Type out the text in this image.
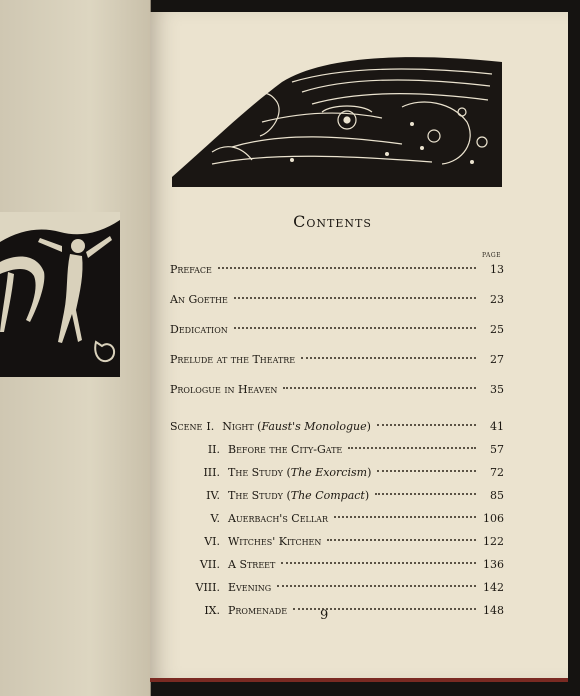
Contents
PAGE
Preface	13
An Goethe	23
Dedication	25
Prelude at the Theatre	27
Prologue in Heaven	35
Scene I. Night (Faust's Monologue)	41
II. Before the City-Gate	57
III. The Study (The Exorcism)	72
IV. The Study (The Compact)	85
V. Auerbach's Cellar	106
VI. Witches' Kitchen	122
VII. A Street	136
VIII. Evening	142
IX. Promenade	148
9
